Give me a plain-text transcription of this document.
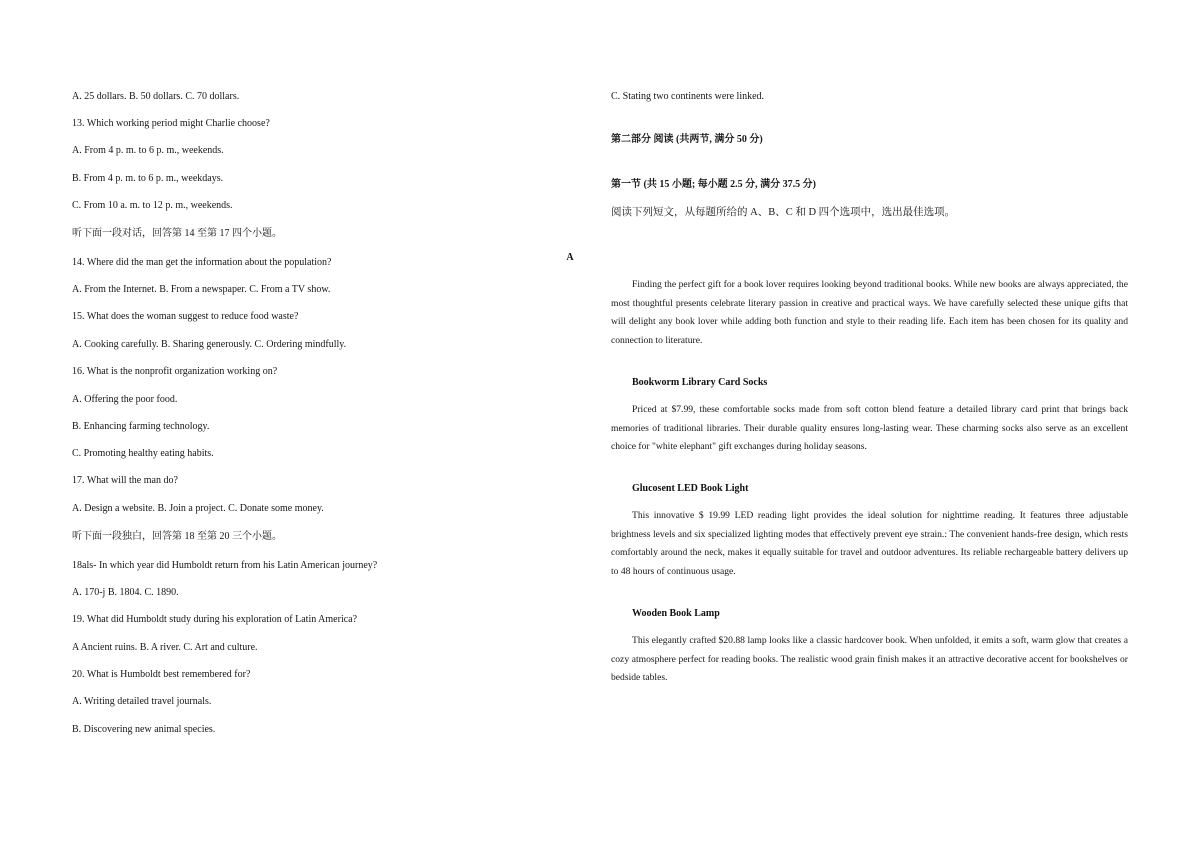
A. 25 dollars. B. 50 dollars. C. 70 dollars.
13. Which working period might Charlie choose?
A. From 4 p. m. to 6 p. m., weekends.
B. From 4 p. m. to 6 p. m., weekdays.
C. From 10 a. m. to 12 p. m., weekends.
听下面一段对话，回答第 14 至第 17 四个小题。
14. Where did the man get the information about the population?
A. From the Internet. B. From a newspaper. C. From a TV show.
15. What does the woman suggest to reduce food waste?
A. Cooking carefully. B. Sharing generously. C. Ordering mindfully.
16. What is the nonprofit organization working on?
A. Offering the poor food.
B. Enhancing farming technology.
C. Promoting healthy eating habits.
17. What will the man do?
A. Design a website. B. Join a project. C. Donate some money.
听下面一段独白，回答第 18 至第 20 三个小题。
18als- In which year did Humboldt return from his Latin American journey?
A. 170-j B. 1804. C. 1890.
19. What did Humboldt study during his exploration of Latin America?
A Ancient ruins. B. A river. C. Art and culture.
20. What is Humboldt best remembered for?
A. Writing detailed travel journals.
B. Discovering new animal species.
C. Stating two continents were linked.
第二部分 阅读 (共两节, 满分 50 分)
第一节 (共 15 小题; 每小题 2.5 分, 满分 37.5 分)
阅读下列短文，从每题所给的 A、B、C 和 D 四个选项中，选出最佳选项。
A
Finding the perfect gift for a book lover requires looking beyond traditional books. While new books are always appreciated, the most thoughtful presents celebrate literary passion in creative and practical ways. We have carefully selected these unique gifts that will delight any book lover while adding both function and style to their reading life. Each item has been chosen for its quality and connection to literature.
Bookworm Library Card Socks
Priced at $7.99, these comfortable socks made from soft cotton blend feature a detailed library card print that brings back memories of traditional libraries. Their durable quality ensures long-lasting wear. These charming socks also serve as an excellent choice for "white elephant" gift exchanges during holiday seasons.
Glucosent LED Book Light
This innovative $ 19.99 LED reading light provides the ideal solution for nighttime reading. It features three adjustable brightness levels and six specialized lighting modes that effectively prevent eye strain.: The convenient hands-free design, which rests comfortably around the neck, makes it equally suitable for travel and outdoor adventures. Its reliable rechargeable battery delivers up to 48 hours of continuous usage.
Wooden Book Lamp
This elegantly crafted $20.88 lamp looks like a classic hardcover book. When unfolded, it emits a soft, warm glow that creates a cozy atmosphere perfect for reading books. The realistic wood grain finish makes it an attractive decorative accent for bookshelves or bedside tables.
